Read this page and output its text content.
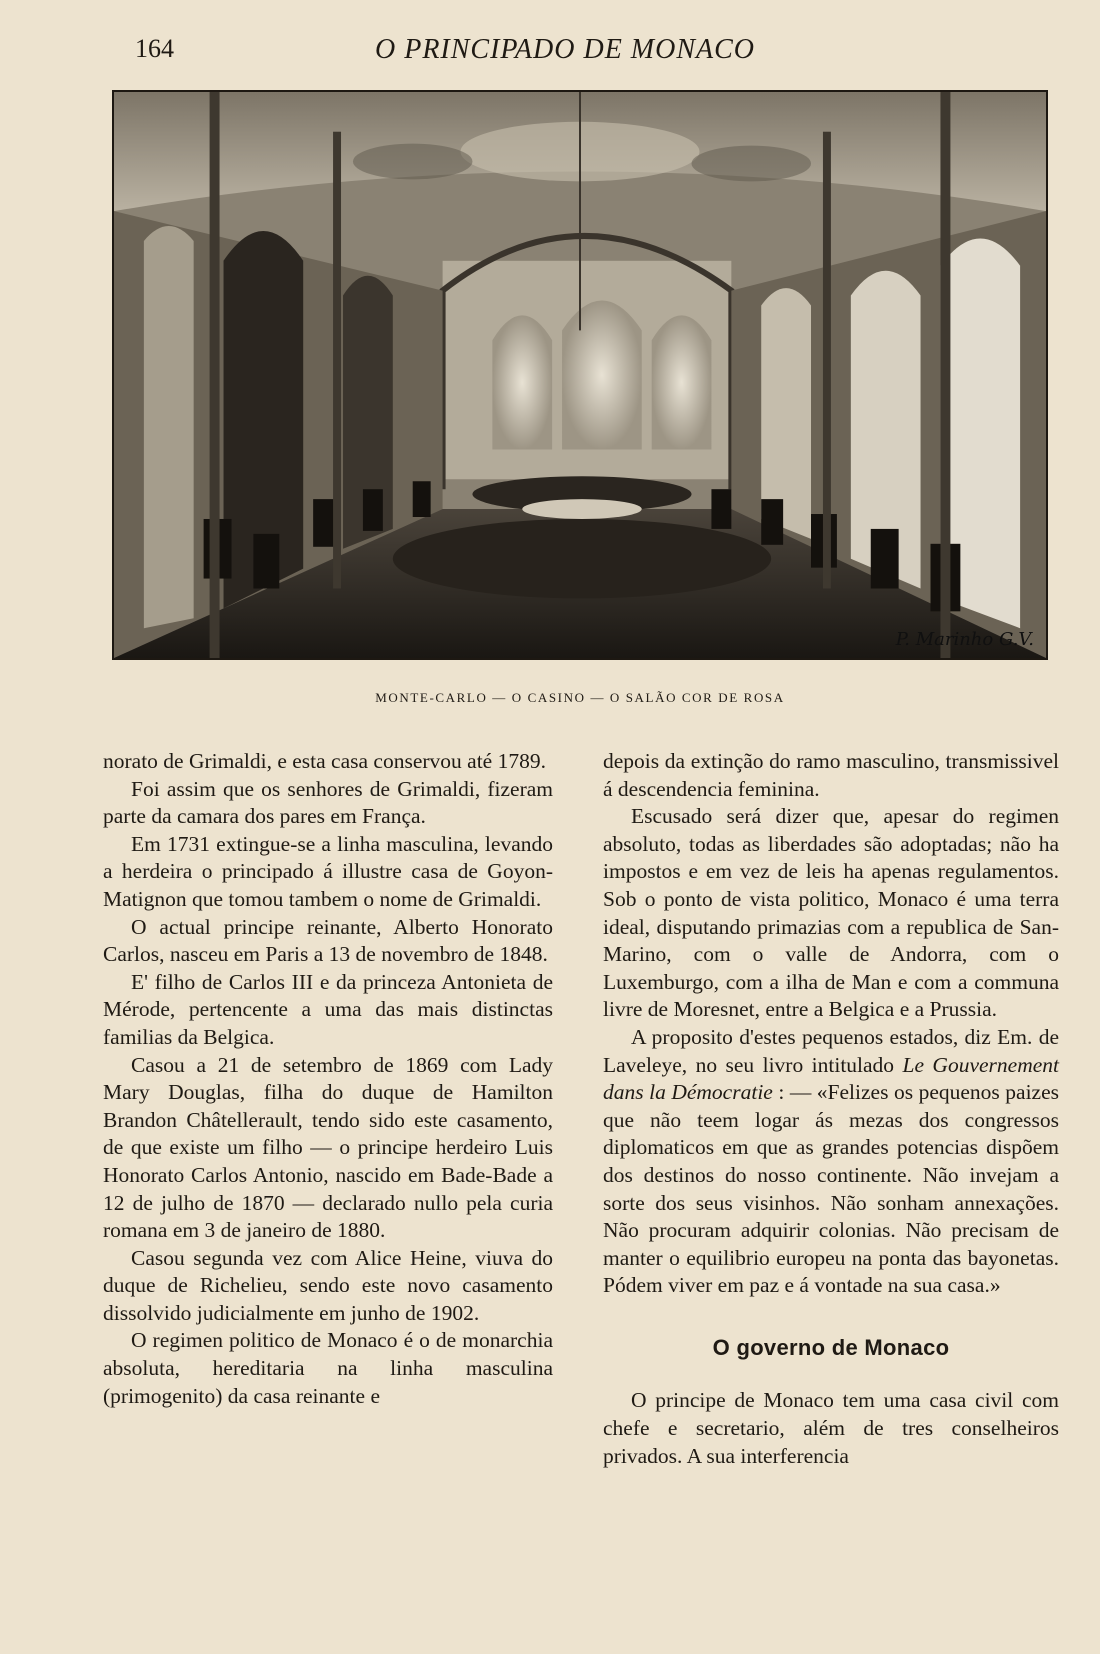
164	O PRINCIPADO DE MONACO
P. Marinho G.V.
MONTE-CARLO — O CASINO — O SALÃO COR DE ROSA

norato de Grimaldi, e esta casa conservou até 1789.

Foi assim que os senhores de Grimaldi, fizeram parte da camara dos pares em França.

Em 1731 extingue-se a linha masculina, levando a herdeira o principado á illustre casa de Goyon-Matignon que tomou tambem o nome de Grimaldi.

O actual principe reinante, Alberto Honorato Carlos, nasceu em Paris a 13 de novembro de 1848.

E' filho de Carlos III e da princeza Antonieta de Mérode, pertencente a uma das mais distinctas familias da Belgica.

Casou a 21 de setembro de 1869 com Lady Mary Douglas, filha do duque de Hamilton Brandon Châtellerault, tendo sido este casamento, de que existe um filho — o principe herdeiro Luis Honorato Carlos Antonio, nascido em Bade-Bade a 12 de julho de 1870 — declarado nullo pela curia romana em 3 de janeiro de 1880.

Casou segunda vez com Alice Heine, viuva do duque de Richelieu, sendo este novo casamento dissolvido judicialmente em junho de 1902.

O regimen politico de Monaco é o de monarchia absoluta, hereditaria na linha masculina (primogenito) da casa reinante e

depois da extinção do ramo masculino, transmissivel á descendencia feminina.

Escusado será dizer que, apesar do regimen absoluto, todas as liberdades são adoptadas; não ha impostos e em vez de leis ha apenas regulamentos. Sob o ponto de vista politico, Monaco é uma terra ideal, disputando primazias com a republica de San-Marino, com o valle de Andorra, com o Luxemburgo, com a ilha de Man e com a communa livre de Moresnet, entre a Belgica e a Prussia.

A proposito d'estes pequenos estados, diz Em. de Laveleye, no seu livro intitulado Le Gouvernement dans la Démocratie : — «Felizes os pequenos paizes que não teem logar ás mezas dos congressos diplomaticos em que as grandes potencias dispõem dos destinos do nosso continente. Não invejam a sorte dos seus visinhos. Não sonham annexações. Não procuram adquirir colonias. Não precisam de manter o equilibrio europeu na ponta das bayonetas. Pódem viver em paz e á vontade na sua casa.»

O governo de Monaco

O principe de Monaco tem uma casa civil com chefe e secretario, além de tres conselheiros privados. A sua interferencia
